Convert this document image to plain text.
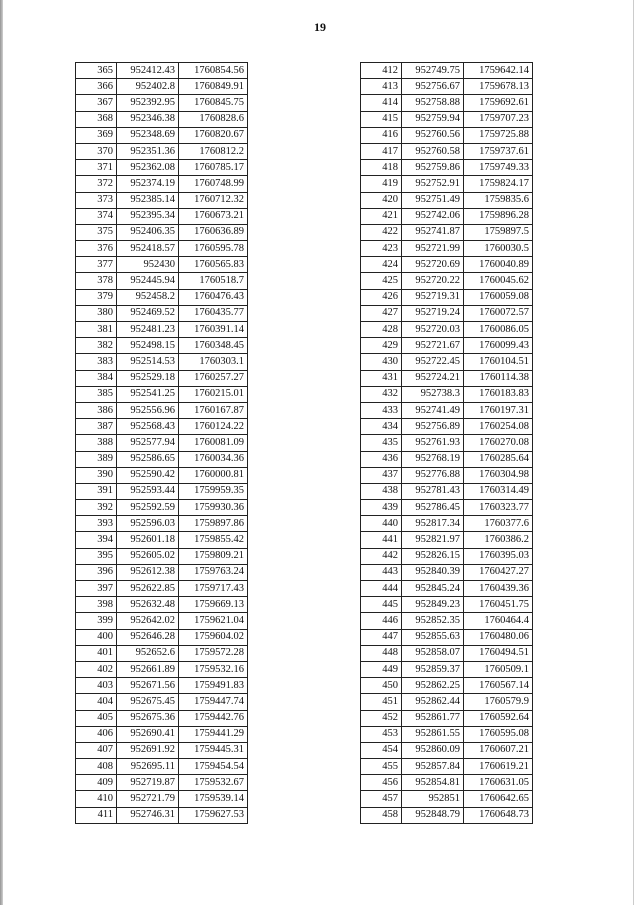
19
365	952412.43	1760854.56
366	952402.8	1760849.91
367	952392.95	1760845.75
368	952346.38	1760828.6
369	952348.69	1760820.67
370	952351.36	1760812.2
371	952362.08	1760785.17
372	952374.19	1760748.99
373	952385.14	1760712.32
374	952395.34	1760673.21
375	952406.35	1760636.89
376	952418.57	1760595.78
377	952430	1760565.83
378	952445.94	1760518.7
379	952458.2	1760476.43
380	952469.52	1760435.77
381	952481.23	1760391.14
382	952498.15	1760348.45
383	952514.53	1760303.1
384	952529.18	1760257.27
385	952541.25	1760215.01
386	952556.96	1760167.87
387	952568.43	1760124.22
388	952577.94	1760081.09
389	952586.65	1760034.36
390	952590.42	1760000.81
391	952593.44	1759959.35
392	952592.59	1759930.36
393	952596.03	1759897.86
394	952601.18	1759855.42
395	952605.02	1759809.21
396	952612.38	1759763.24
397	952622.85	1759717.43
398	952632.48	1759669.13
399	952642.02	1759621.04
400	952646.28	1759604.02
401	952652.6	1759572.28
402	952661.89	1759532.16
403	952671.56	1759491.83
404	952675.45	1759447.74
405	952675.36	1759442.76
406	952690.41	1759441.29
407	952691.92	1759445.31
408	952695.11	1759454.54
409	952719.87	1759532.67
410	952721.79	1759539.14
411	952746.31	1759627.53
412	952749.75	1759642.14
413	952756.67	1759678.13
414	952758.88	1759692.61
415	952759.94	1759707.23
416	952760.56	1759725.88
417	952760.58	1759737.61
418	952759.86	1759749.33
419	952752.91	1759824.17
420	952751.49	1759835.6
421	952742.06	1759896.28
422	952741.87	1759897.5
423	952721.99	1760030.5
424	952720.69	1760040.89
425	952720.22	1760045.62
426	952719.31	1760059.08
427	952719.24	1760072.57
428	952720.03	1760086.05
429	952721.67	1760099.43
430	952722.45	1760104.51
431	952724.21	1760114.38
432	952738.3	1760183.83
433	952741.49	1760197.31
434	952756.89	1760254.08
435	952761.93	1760270.08
436	952768.19	1760285.64
437	952776.88	1760304.98
438	952781.43	1760314.49
439	952786.45	1760323.77
440	952817.34	1760377.6
441	952821.97	1760386.2
442	952826.15	1760395.03
443	952840.39	1760427.27
444	952845.24	1760439.36
445	952849.23	1760451.75
446	952852.35	1760464.4
447	952855.63	1760480.06
448	952858.07	1760494.51
449	952859.37	1760509.1
450	952862.25	1760567.14
451	952862.44	1760579.9
452	952861.77	1760592.64
453	952861.55	1760595.08
454	952860.09	1760607.21
455	952857.84	1760619.21
456	952854.81	1760631.05
457	952851	1760642.65
458	952848.79	1760648.73
